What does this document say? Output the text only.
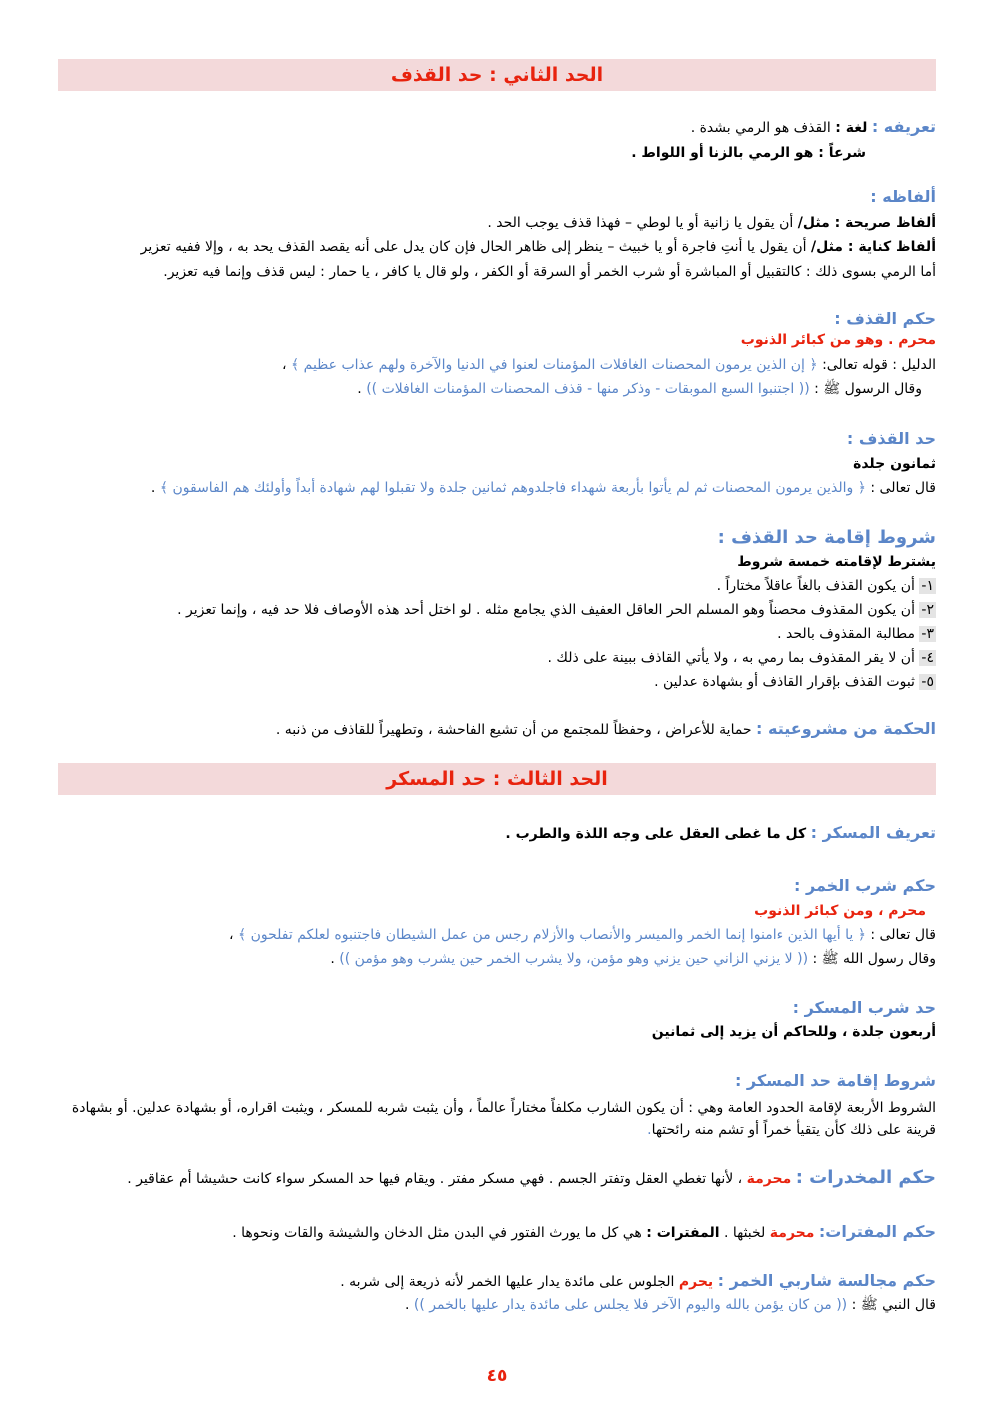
الحد الثاني : حد القذف
تعريفه : لغة : القذف هو الرمي بشدة .
شرعاً : هو الرمي بالزنا أو اللواط .
ألفاظه :
ألفاظ صريحة : مثل/ أن يقول يا زانية أو يا لوطي – فهذا قذف يوجب الحد .
ألفاظ كناية : مثل/ أن يقول يا أنتِ فاجرة أو يا خبيث – ينظر إلى ظاهر الحال فإن كان يدل على أنه يقصد القذف يحد به ، وإلا ففيه تعزير
أما الرمي بسوى ذلك : كالتقبيل أو المباشرة أو شرب الخمر أو السرقة أو الكفر ، ولو قال يا كافر ، يا حمار : ليس قذف وإنما فيه تعزير.
حكم القذف :
محرم . وهو من كبائر الذنوب
الدليل : قوله تعالى: ﴿ إن الذين يرمون المحصنات الغافلات المؤمنات لعنوا في الدنيا والآخرة ولهم عذاب عظيم ﴾ ،
وقال الرسول ﷺ : (( اجتنبوا السبع الموبقات - وذكر منها - قذف المحصنات المؤمنات الغافلات )) .
حد القذف :
ثمانون جلدة
قال تعالى : ﴿ والذين يرمون المحصنات ثم لم يأتوا بأربعة شهداء فاجلدوهم ثمانين جلدة ولا تقبلوا لهم شهادة أبداً وأولئك هم الفاسقون ﴾ .
شروط إقامة حد القذف :
يشترط لإقامته خمسة شروط
١- أن يكون القذف بالغاً عاقلاً مختاراً .
٢- أن يكون المقذوف محصناً وهو المسلم الحر العاقل العفيف الذي يجامع مثله . لو اختل أحد هذه الأوصاف فلا حد فيه ، وإنما تعزير .
٣- مطالبة المقذوف بالحد .
٤- أن لا يقر المقذوف بما رمي به ، ولا يأتي القاذف ببينة على ذلك .
٥- ثبوت القذف بإقرار القاذف أو بشهادة عدلين .
الحكمة من مشروعيته : حماية للأعراض ، وحفظاً للمجتمع من أن تشيع الفاحشة ، وتطهيراً للقاذف من ذنبه .
الحد الثالث : حد المسكر
تعريف المسكر : كل ما غطى العقل على وجه اللذة والطرب .
حكم شرب الخمر :
محرم ، ومن كبائر الذنوب
قال تعالى : ﴿ يا أيها الذين ءامنوا إنما الخمر والميسر والأنصاب والأزلام رجس من عمل الشيطان فاجتنبوه لعلكم تفلحون ﴾ ،
وقال رسول الله ﷺ : (( لا يزني الزاني حين يزني وهو مؤمن، ولا يشرب الخمر حين يشرب وهو مؤمن )) .
حد شرب المسكر :
أربعون جلدة ، وللحاكم أن يزيد إلى ثمانين
شروط إقامة حد المسكر :
الشروط الأربعة لإقامة الحدود العامة وهي : أن يكون الشارب مكلفاً مختاراً عالماً ، وأن يثبت شربه للمسكر ، ويثبت اقراره، أو بشهادة عدلين. أو بشهادة قرينة على ذلك كأن يتقيأ خمراً أو تشم منه رائحتها.
حكم المخدرات : محرمة ، لأنها تغطي العقل وتفتر الجسم . فهي مسكر مفتر . ويقام فيها حد المسكر سواء كانت حشيشا أم عقاقير .
حكم المفترات: محرمة لخبثها . المفترات : هي كل ما يورث الفتور في البدن مثل الدخان والشيشة والقات ونحوها .
حكم مجالسة شاربي الخمر : يحرم الجلوس على مائدة يدار عليها الخمر لأنه ذريعة إلى شربه .
قال النبي ﷺ : (( من كان يؤمن بالله واليوم الآخر فلا يجلس على مائدة يدار عليها بالخمر )) .
٤٥
